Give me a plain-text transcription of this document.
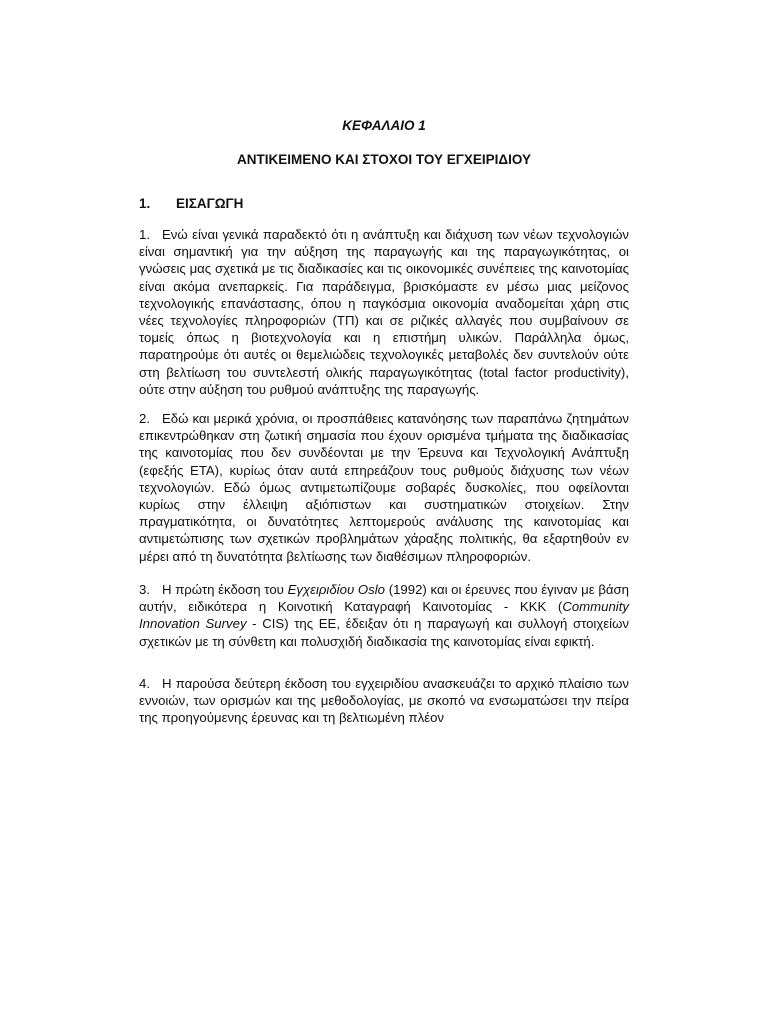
ΚΕΦΑΛΑΙΟ 1
ΑΝΤΙΚΕΙΜΕΝΟ ΚΑΙ ΣΤΟΧΟΙ ΤΟΥ ΕΓΧΕΙΡΙΔΙΟΥ
1. ΕΙΣΑΓΩΓΗ

1. Ενώ είναι γενικά παραδεκτό ότι η ανάπτυξη και διάχυση των νέων τεχνολογιών είναι σημαντική για την αύξηση της παραγωγής και της παραγωγικότητας, οι γνώσεις μας σχετικά με τις διαδικασίες και τις οικονομικές συνέπειες της καινοτομίας είναι ακόμα ανεπαρκείς. Για παράδειγμα, βρισκόμαστε εν μέσω μιας μείζονος τεχνολογικής επανάστασης, όπου η παγκόσμια οικονομία αναδομείται χάρη στις νέες τεχνολογίες πληροφοριών (ΤΠ) και σε ριζικές αλλαγές που συμβαίνουν σε τομείς όπως η βιοτεχνολογία και η επιστήμη υλικών. Παράλληλα όμως, παρατηρούμε ότι αυτές οι θεμελιώδεις τεχνολογικές μεταβολές δεν συντελούν ούτε στη βελτίωση του συντελεστή ολικής παραγωγικότητας (total factor productivity), ούτε στην αύξηση του ρυθμού ανάπτυξης της παραγωγής.

2. Εδώ και μερικά χρόνια, οι προσπάθειες κατανόησης των παραπάνω ζητημάτων επικεντρώθηκαν στη ζωτική σημασία που έχουν ορισμένα τμήματα της διαδικασίας της καινοτομίας που δεν συνδέονται με την Έρευνα και Τεχνολογική Ανάπτυξη (εφεξής ΕΤΑ), κυρίως όταν αυτά επηρεάζουν τους ρυθμούς διάχυσης των νέων τεχνολογιών. Εδώ όμως αντιμετωπίζουμε σοβαρές δυσκολίες, που οφείλονται κυρίως στην έλλειψη αξιόπιστων και συστηματικών στοιχείων. Στην πραγματικότητα, οι δυνατότητες λεπτομερούς ανάλυσης της καινοτομίας και αντιμετώπισης των σχετικών προβλημάτων χάραξης πολιτικής, θα εξαρτηθούν εν μέρει από τη δυνατότητα βελτίωσης των διαθέσιμων πληροφοριών.

3. Η πρώτη έκδοση του Εγχειριδίου Oslo (1992) και οι έρευνες που έγιναν με βάση αυτήν, ειδικότερα η Κοινοτική Καταγραφή Καινοτομίας - ΚΚΚ (Community Innovation Survey - CIS) της ΕΕ, έδειξαν ότι η παραγωγή και συλλογή στοιχείων σχετικών με τη σύνθετη και πολυσχιδή διαδικασία της καινοτομίας είναι εφικτή.

4. Η παρούσα δεύτερη έκδοση του εγχειριδίου ανασκευάζει το αρχικό πλαίσιο των εννοιών, των ορισμών και της μεθοδολογίας, με σκοπό να ενσωματώσει την πείρα της προηγούμενης έρευνας και τη βελτιωμένη πλέον
